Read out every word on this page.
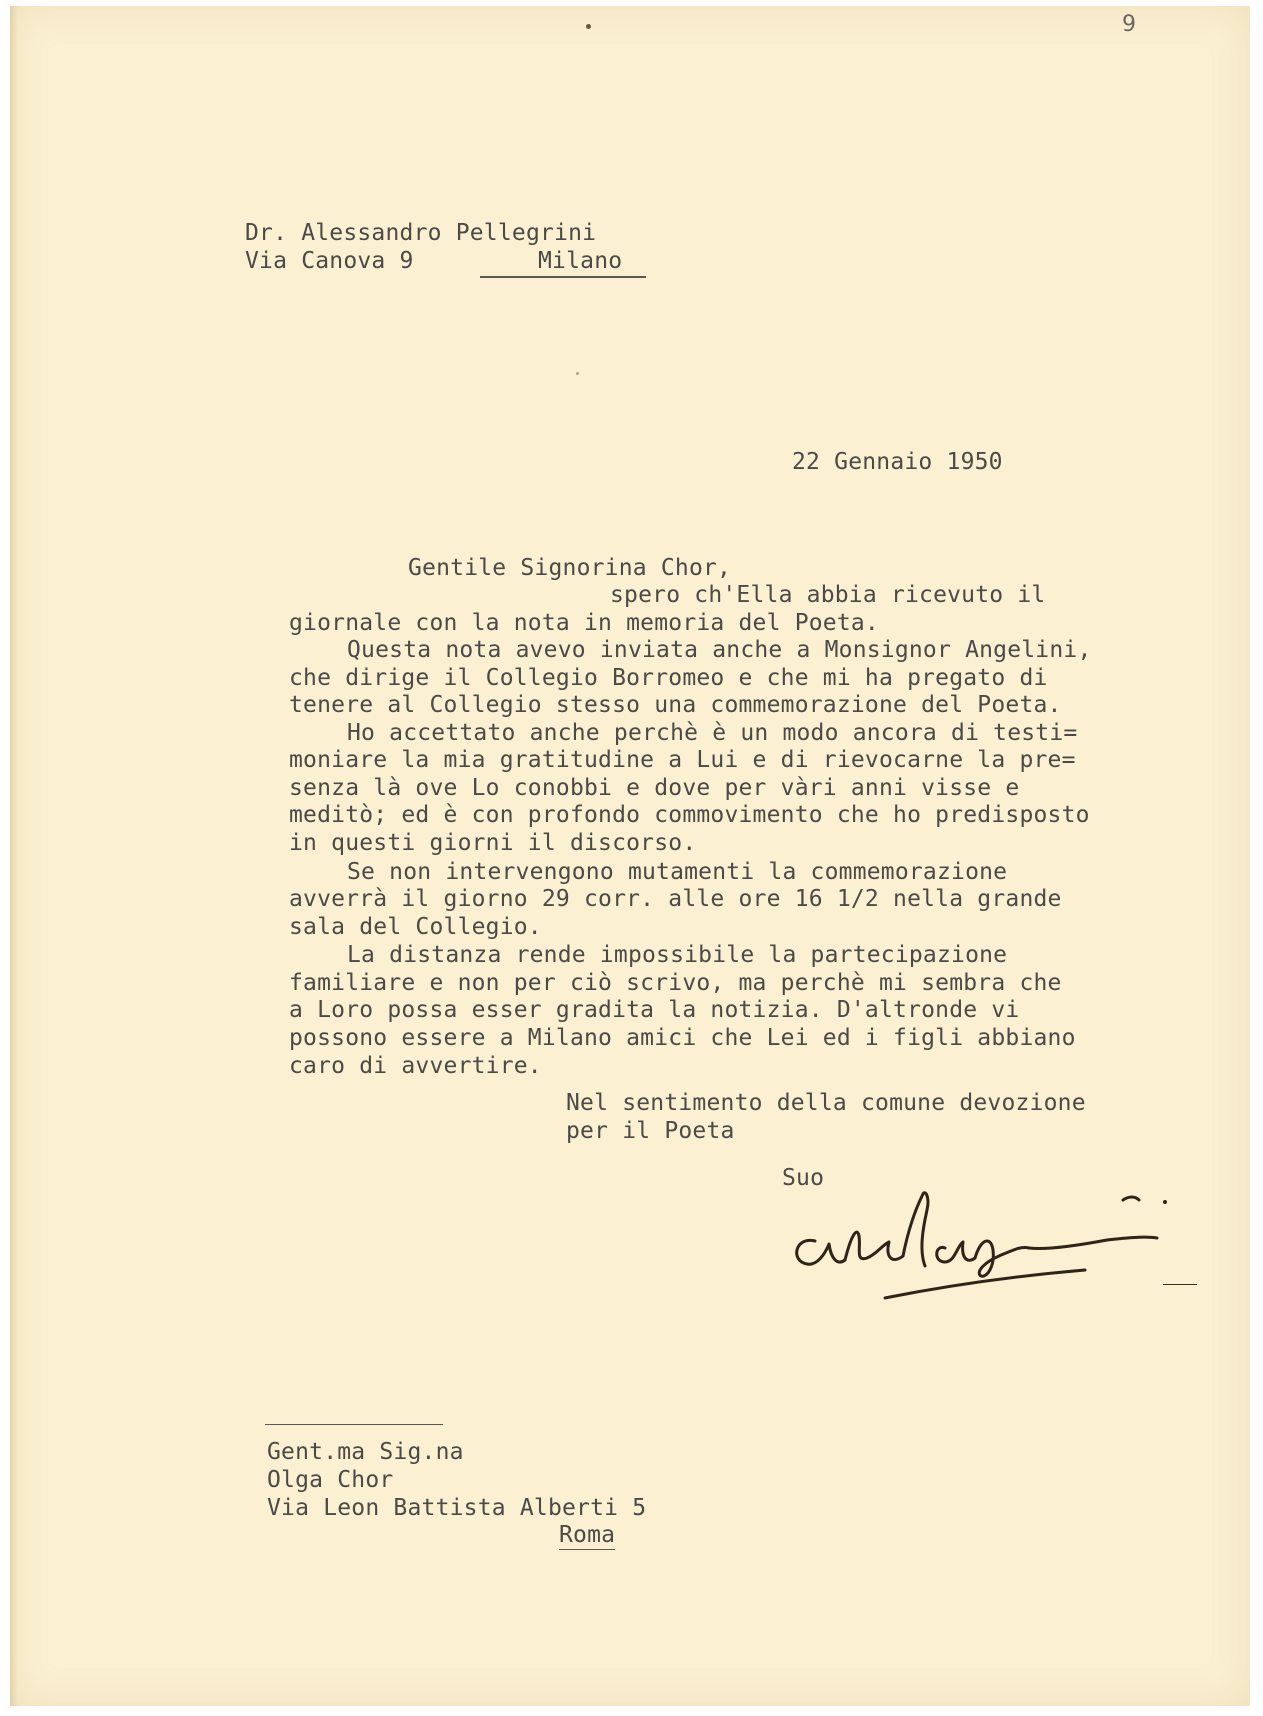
9
Dr. Alessandro Pellegrini
Via Canova 9	Milano
22 Gennaio 1950
Gentile Signorina Chor,
spero ch'Ella abbia ricevuto il
giornale con la nota in memoria del Poeta.
Questa nota avevo inviata anche a Monsignor Angelini,
che dirige il Collegio Borromeo e che mi ha pregato di
tenere al Collegio stesso una commemorazione del Poeta.
Ho accettato anche perchè è un modo ancora di testi=
moniare la mia gratitudine a Lui e di rievocarne la pre=
senza là ove Lo conobbi e dove per vàri anni visse e
meditò; ed è con profondo commovimento che ho predisposto
in questi giorni il discorso.
Se non intervengono mutamenti la commemorazione
avverrà il giorno 29 corr. alle ore 16 1/2 nella grande
sala del Collegio.
La distanza rende impossibile la partecipazione
familiare e non per ciò scrivo, ma perchè mi sembra che
a Loro possa esser gradita la notizia. D'altronde vi
possono essere a Milano amici che Lei ed i figli abbiano
caro di avvertire.
Nel sentimento della comune devozione
per il Poeta
Suo
Gent.ma Sig.na
Olga Chor
Via Leon Battista Alberti 5
Roma
